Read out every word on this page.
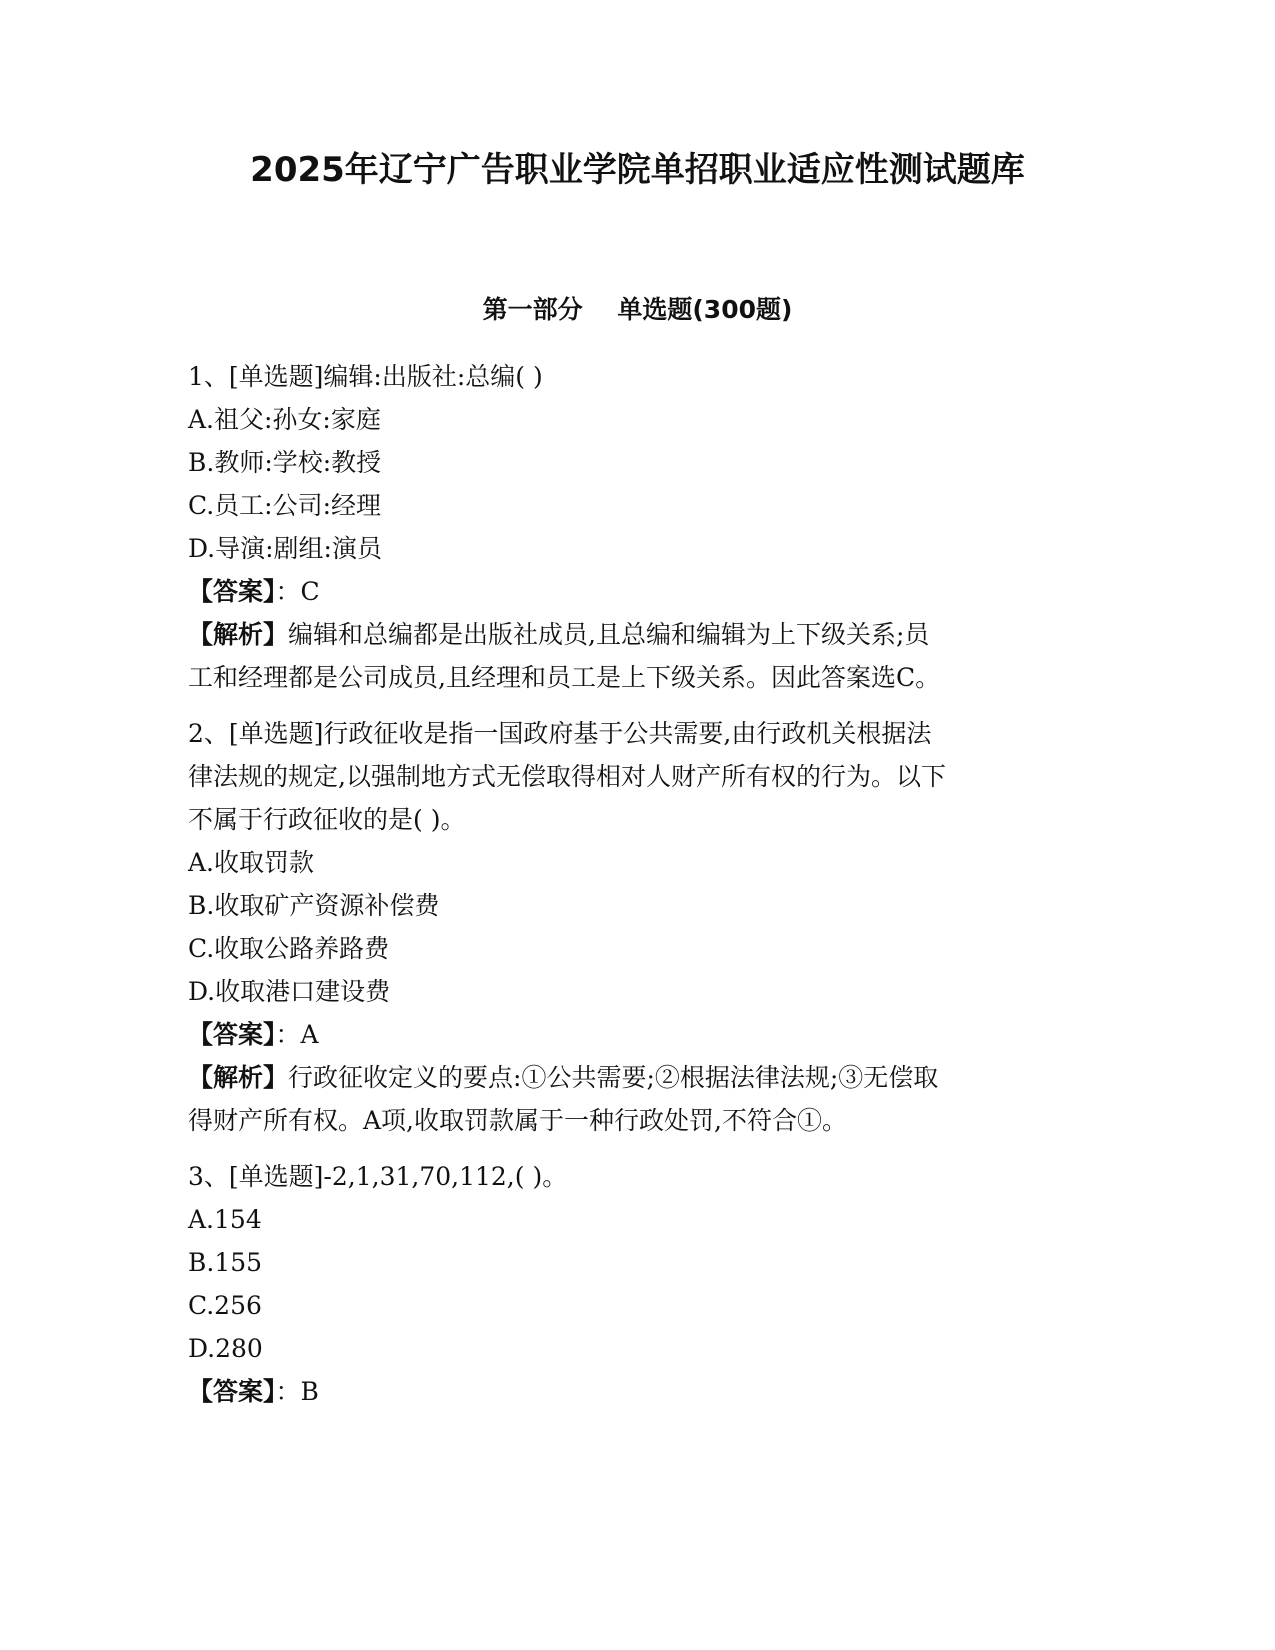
2025年辽宁广告职业学院单招职业适应性测试题库
第一部分    单选题(300题)
1、[单选题]编辑:出版社:总编( )
A.祖父:孙女:家庭
B.教师:学校:教授
C.员工:公司:经理
D.导演:剧组:演员
【答案】：C
【解析】编辑和总编都是出版社成员,且总编和编辑为上下级关系;员
工和经理都是公司成员,且经理和员工是上下级关系。因此答案选C。
2、[单选题]行政征收是指一国政府基于公共需要,由行政机关根据法
律法规的规定,以强制地方式无偿取得相对人财产所有权的行为。以下
不属于行政征收的是( )。
A.收取罚款
B.收取矿产资源补偿费
C.收取公路养路费
D.收取港口建设费
【答案】：A
【解析】行政征收定义的要点:①公共需要;②根据法律法规;③无偿取
得财产所有权。A项,收取罚款属于一种行政处罚,不符合①。
3、[单选题]-2,1,31,70,112,( )。
A.154
B.155
C.256
D.280
【答案】：B
